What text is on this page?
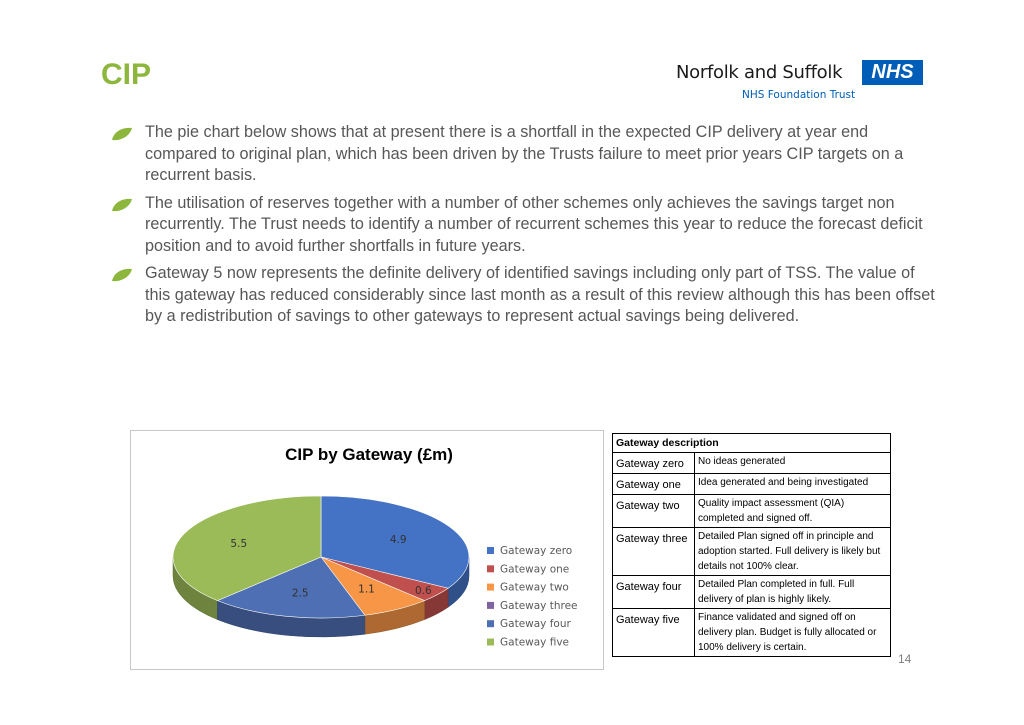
CIP	Norfolk and Suffolk	NHS
NHS Foundation Trust
The pie chart below shows that at present there is a shortfall in the expected CIP delivery at year end compared to original plan, which has been driven by the Trusts failure to meet prior years CIP targets on a recurrent basis.
The utilisation of reserves together with a number of other schemes only achieves the savings target non recurrently. The Trust needs to identify a number of recurrent schemes this year to reduce the forecast deficit position and to avoid further shortfalls in future years.
Gateway 5 now represents the definite delivery of identified savings including only part of TSS. The value of this gateway has reduced considerably since last month as a result of this review although this has been offset by a redistribution of savings to other gateways to represent actual savings being delivered.
CIP by Gateway (£m)
4.9
0.6
1.1
2.5
5.5
Gateway zero
Gateway one
Gateway two
Gateway three
Gateway four
Gateway five
Gateway description	
Gateway zero	No ideas generated
Gateway one	Idea generated and being investigated
Gateway two	Quality impact assessment (QIA) completed and signed off.
Gateway three	Detailed Plan signed off in principle and adoption started. Full delivery is likely but details not 100% clear.
Gateway four	Detailed Plan completed in full. Full delivery of plan is highly likely.
Gateway five	Finance validated and signed off on delivery plan. Budget is fully allocated or 100% delivery is certain.
14
